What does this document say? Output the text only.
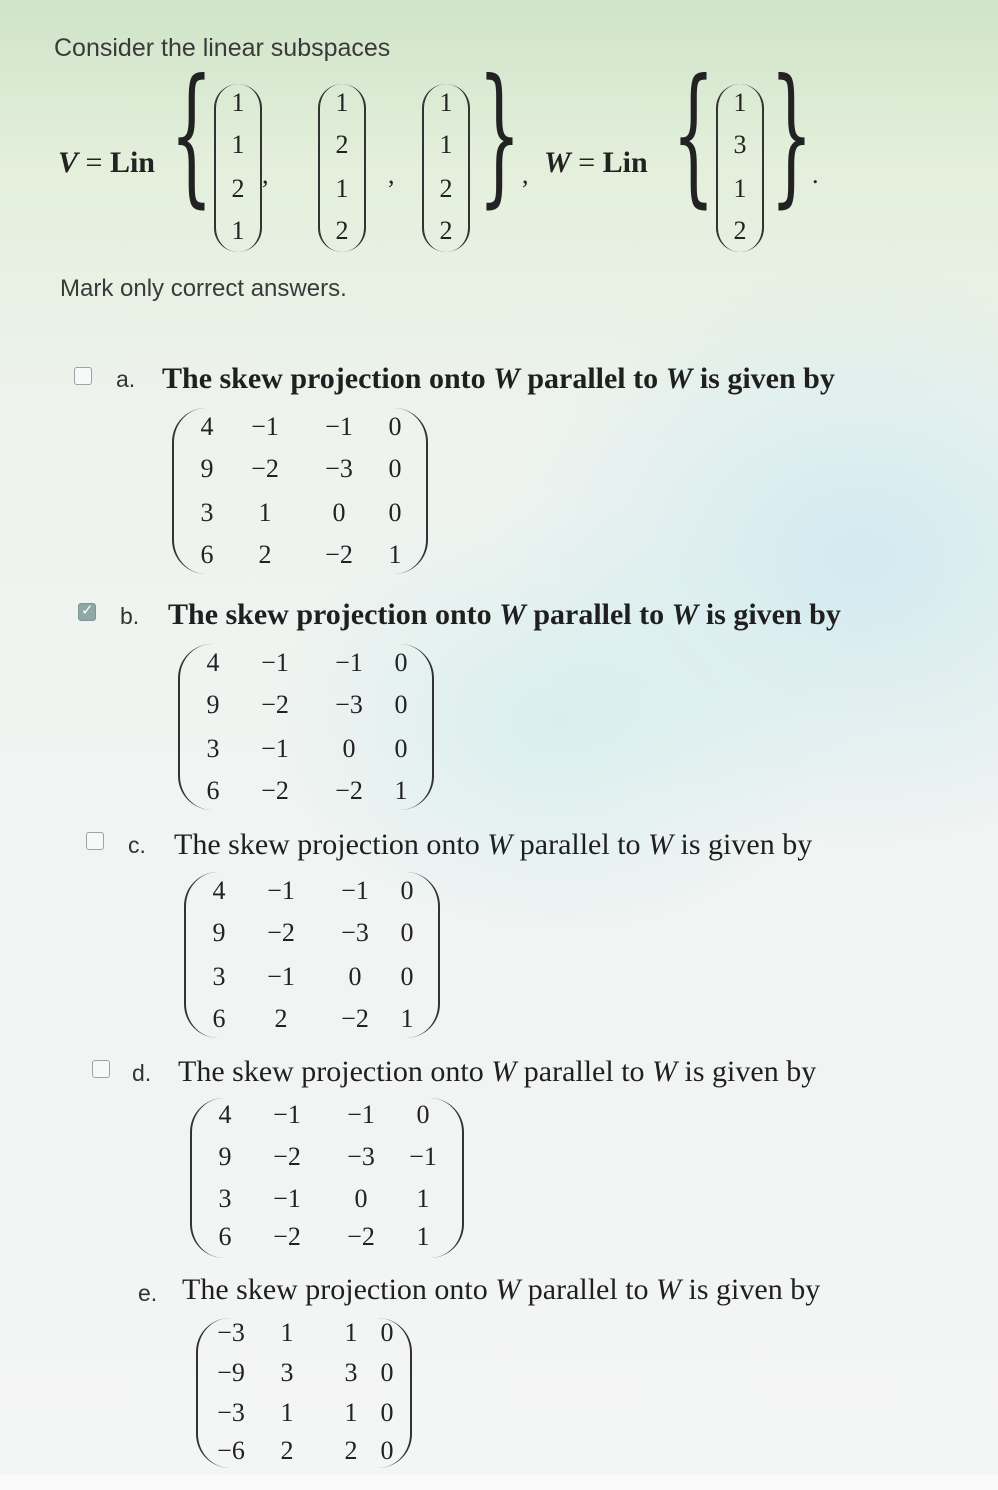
Consider the linear subspaces
V = Lin { 1
1
2
1
,
1
2
1
2
,
1
1
2
2
} , W = Lin { 1
3
1
2
} .
Mark only correct answers.
a. The skew projection onto W parallel to W is given by
4	−1	−1	0
9	−2	−3	0
3	1	0	0
6	2	−2	1
✓
b. The skew projection onto W parallel to W is given by
4	−1	−1	0
9	−2	−3	0
3	−1	0	0
6	−2	−2	1
c. The skew projection onto W parallel to W is given by
4	−1	−1	0
9	−2	−3	0
3	−1	0	0
6	2	−2	1
d. The skew projection onto W parallel to W is given by
4	−1	−1	0
9	−2	−3	−1
3	−1	0	1
6	−2	−2	1
e. The skew projection onto W parallel to W is given by
−3	1	1 0
−9	3	3 0
−3	1	1 0
−6	2	2 0
